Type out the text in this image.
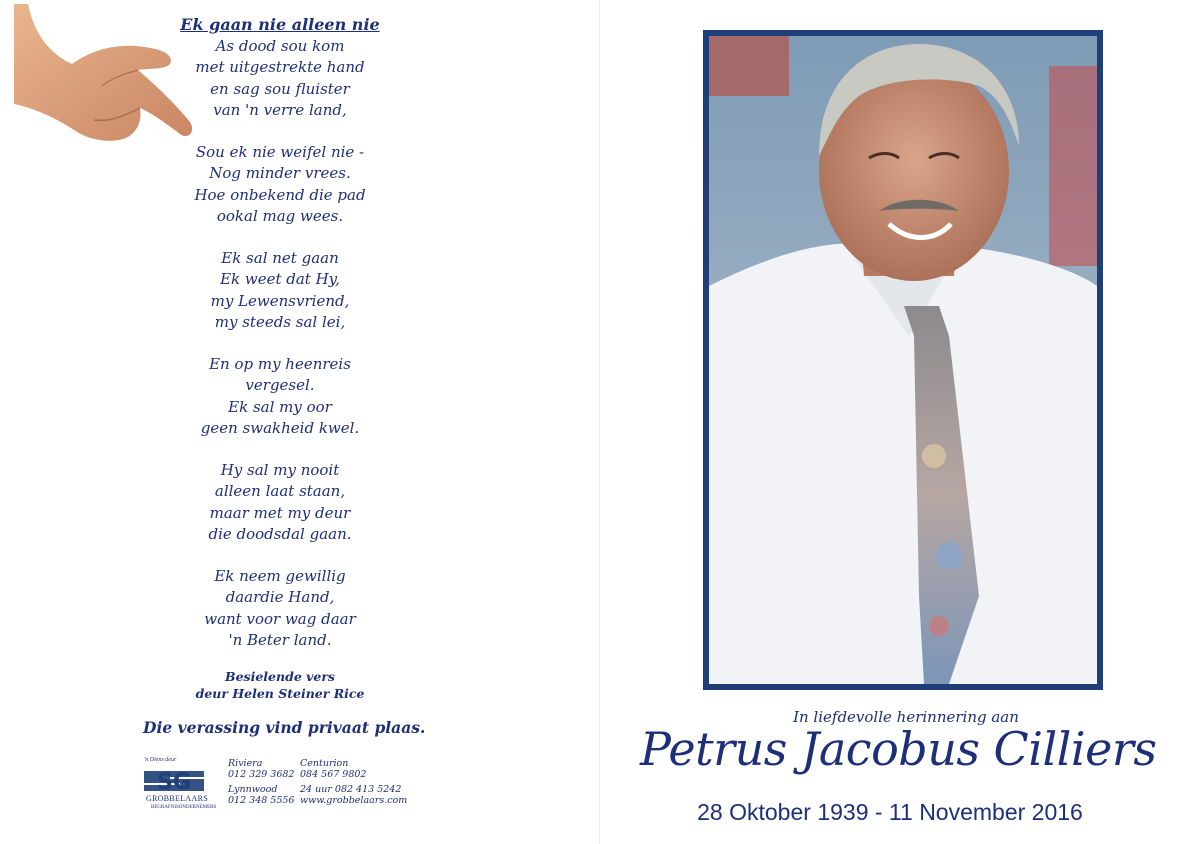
Ek gaan nie alleen nie
As dood sou kom
met uitgestrekte hand
en sag sou fluister
van 'n verre land,
Sou ek nie weifel nie -
Nog minder vrees.
Hoe onbekend die pad
ookal mag wees.
Ek sal net gaan
Ek weet dat Hy,
my Lewensvriend,
my steeds sal lei,
En op my heenreis
vergesel.
Ek sal my oor
geen swakheid kwel.
Hy sal my nooit
alleen laat staan,
maar met my deur
die doodsdal gaan.
Ek neem gewillig
daardie Hand,
want voor wag daar
'n Beter land.
Besielende vers
deur Helen Steiner Rice
Die verassing vind privaat plaas.
'n Diens deur
SG
GROBBELAARS
BEGRAFNISONDERNEMERS
Riviera
012 329 3682
Centurion
084 567 9802
Lynnwood
012 348 5556
24 uur 082 413 5242
www.grobbelaars.com
In liefdevolle herinnering aan
Petrus Jacobus Cilliers
28 Oktober 1939 - 11 November 2016
